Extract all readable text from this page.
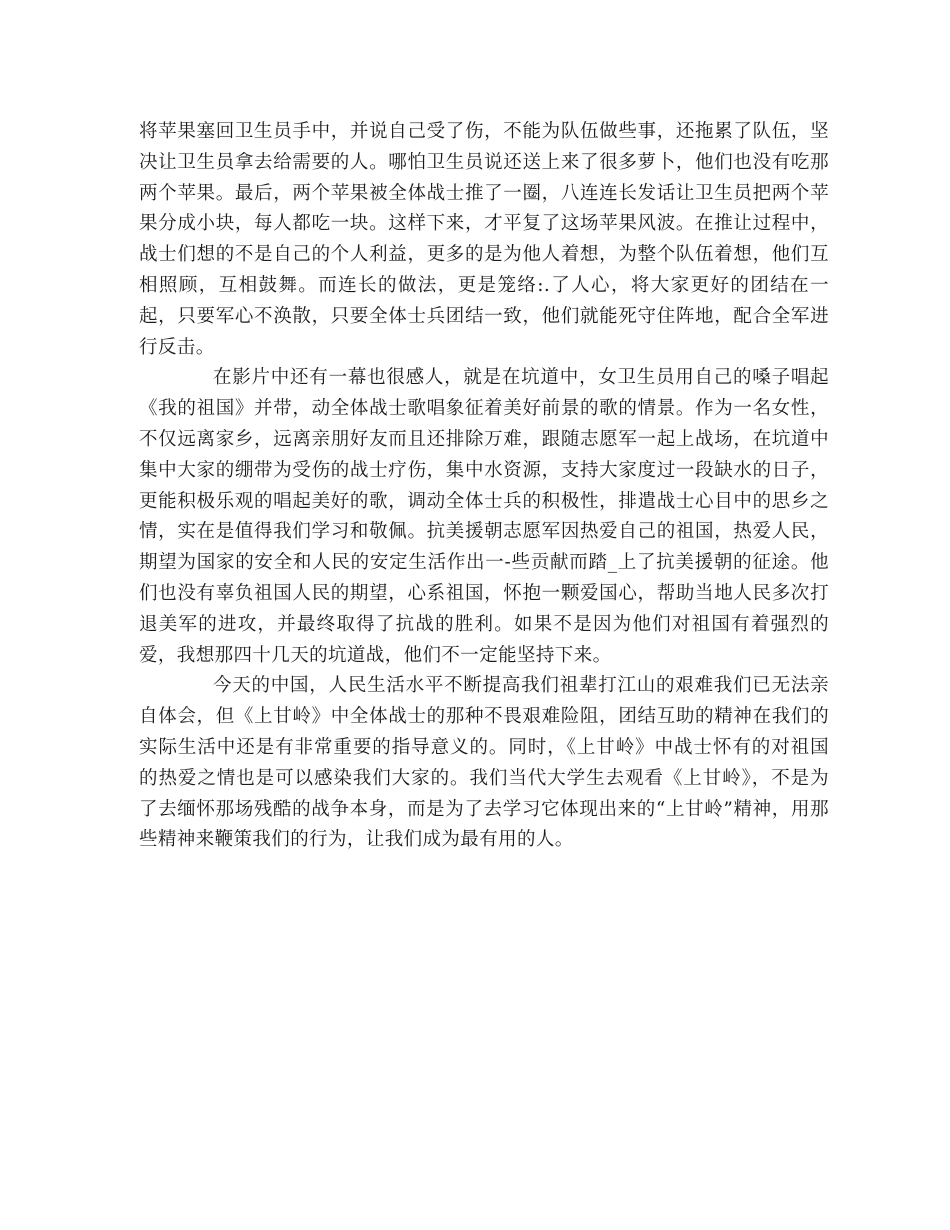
将苹果塞回卫生员手中，并说自己受了伤，不能为队伍做些事，还拖累了队伍，坚决让卫生员拿去给需要的人。哪怕卫生员说还送上来了很多萝卜，他们也没有吃那两个苹果。最后，两个苹果被全体战士推了一圈，八连连长发话让卫生员把两个苹果分成小块，每人都吃一块。这样下来，才平复了这场苹果风波。在推让过程中，战士们想的不是自己的个人利益，更多的是为他人着想，为整个队伍着想，他们互相照顾，互相鼓舞。而连长的做法，更是笼络:.了人心，将大家更好的团结在一起，只要军心不涣散，只要全体士兵团结一致，他们就能死守住阵地，配合全军进行反击。

在影片中还有一幕也很感人，就是在坑道中，女卫生员用自己的嗓子唱起《我的祖国》并带，动全体战士歌唱象征着美好前景的歌的情景。作为一名女性，不仅远离家乡，远离亲朋好友而且还排除万难，跟随志愿军一起上战场，在坑道中集中大家的绷带为受伤的战士疗伤，集中水资源，支持大家度过一段缺水的日子，更能积极乐观的唱起美好的歌，调动全体士兵的积极性，排遣战士心目中的思乡之情，实在是值得我们学习和敬佩。抗美援朝志愿军因热爱自己的祖国，热爱人民，期望为国家的安全和人民的安定生活作出一-些贡献而踏_上了抗美援朝的征途。他们也没有辜负祖国人民的期望，心系祖国，怀抱一颗爱国心，帮助当地人民多次打退美军的进攻，并最终取得了抗战的胜利。如果不是因为他们对祖国有着强烈的爱，我想那四十几天的坑道战，他们不一定能坚持下来。

今天的中国，人民生活水平不断提高我们祖辈打江山的艰难我们已无法亲自体会，但《上甘岭》中全体战士的那种不畏艰难险阻，团结互助的精神在我们的实际生活中还是有非常重要的指导意义的。同时，《上甘岭》中战士怀有的对祖国的热爱之情也是可以感染我们大家的。我们当代大学生去观看《上甘岭》，不是为了去缅怀那场残酷的战争本身，而是为了去学习它体现出来的“上甘岭”精神，用那些精神来鞭策我们的行为，让我们成为最有用的人。
